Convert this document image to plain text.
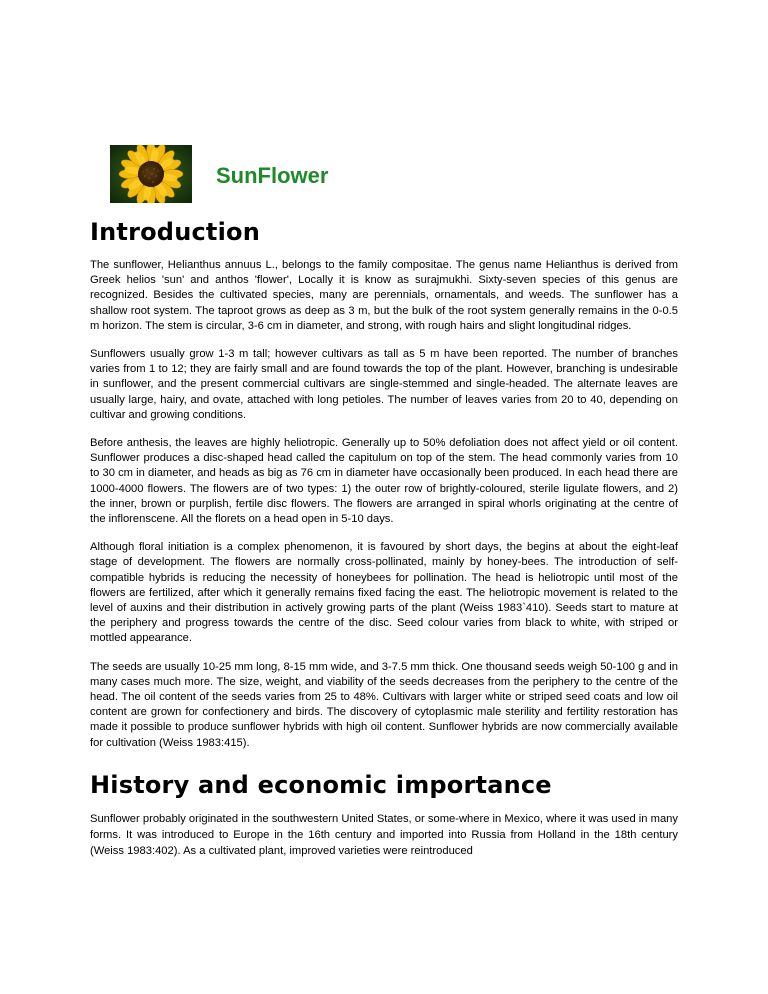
SunFlower
Introduction

The sunflower, Helianthus annuus L., belongs to the family compositae. The genus name Helianthus is derived from Greek helios 'sun' and anthos 'flower', Locally it is know as surajmukhi. Sixty-seven species of this genus are recognized. Besides the cultivated species, many are perennials, ornamentals, and weeds. The sunflower has a shallow root system. The taproot grows as deep as 3 m, but the bulk of the root system generally remains in the 0-0.5 m horizon. The stem is circular, 3-6 cm in diameter, and strong, with rough hairs and slight longitudinal ridges.

Sunflowers usually grow 1-3 m tall; however cultivars as tall as 5 m have been reported. The number of branches varies from 1 to 12; they are fairly small and are found towards the top of the plant. However, branching is undesirable in sunflower, and the present commercial cultivars are single-stemmed and single-headed. The alternate leaves are usually large, hairy, and ovate, attached with long petioles. The number of leaves varies from 20 to 40, depending on cultivar and growing conditions.

Before anthesis, the leaves are highly heliotropic. Generally up to 50% defoliation does not affect yield or oil content. Sunflower produces a disc-shaped head called the capitulum on top of the stem. The head commonly varies from 10 to 30 cm in diameter, and heads as big as 76 cm in diameter have occasionally been produced. In each head there are 1000-4000 flowers. The flowers are of two types: 1) the outer row of brightly-coloured, sterile ligulate flowers, and 2) the inner, brown or purplish, fertile disc flowers. The flowers are arranged in spiral whorls originating at the centre of the inflorenscene. All the florets on a head open in 5-10 days.

Although floral initiation is a complex phenomenon, it is favoured by short days, the begins at about the eight-leaf stage of development. The flowers are normally cross-pollinated, mainly by honey-bees. The introduction of self-compatible hybrids is reducing the necessity of honeybees for pollination. The head is heliotropic until most of the flowers are fertilized, after which it generally remains fixed facing the east. The heliotropic movement is related to the level of auxins and their distribution in actively growing parts of the plant (Weiss 1983`410). Seeds start to mature at the periphery and progress towards the centre of the disc. Seed colour varies from black to white, with striped or mottled appearance.

The seeds are usually 10-25 mm long, 8-15 mm wide, and 3-7.5 mm thick. One thousand seeds weigh 50-100 g and in many cases much more. The size, weight, and viability of the seeds decreases from the periphery to the centre of the head. The oil content of the seeds varies from 25 to 48%. Cultivars with larger white or striped seed coats and low oil content are grown for confectionery and birds. The discovery of cytoplasmic male sterility and fertility restoration has made it possible to produce sunflower hybrids with high oil content. Sunflower hybrids are now commercially available for cultivation (Weiss 1983:415).

History and economic importance

Sunflower probably originated in the southwestern United States, or some-where in Mexico, where it was used in many forms. It was introduced to Europe in the 16th century and imported into Russia from Holland in the 18th century (Weiss 1983:402). As a cultivated plant, improved varieties were reintroduced
